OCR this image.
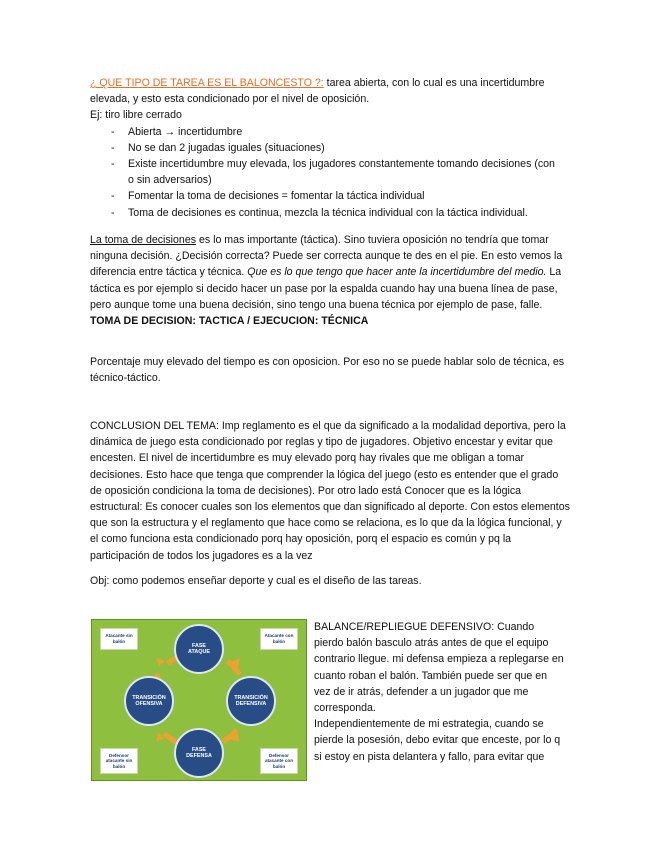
¿ QUE TIPO DE TAREA ES EL BALONCESTO ?: tarea abierta, con lo cual es una incertidumbre

elevada, y esto esta condicionado por el nivel de oposición.

Ej: tiro libre cerrado

- Abierta → incertidumbre
- No se dan 2 jugadas iguales (situaciones)
- Existe incertidumbre muy elevada, los jugadores constantemente tomando decisiones (con o sin adversarios)
- Fomentar la toma de decisiones = fomentar la táctica individual
- Toma de decisiones es continua, mezcla la técnica individual con la táctica individual.

La toma de decisiones es lo mas importante (táctica). Sino tuviera oposición no tendría que tomar ninguna decisión. ¿Decisión correcta? Puede ser correcta aunque te des en el pie. En esto vemos la diferencia entre táctica y técnica. Que es lo que tengo que hacer ante la incertidumbre del medio. La táctica es por ejemplo si decido hacer un pase por la espalda cuando hay una buena línea de pase, pero aunque tome una buena decisión, sino tengo una buena técnica por ejemplo de pase, falle.

TOMA DE DECISION: TACTICA / EJECUCION: TÉCNICA

Porcentaje muy elevado del tiempo es con oposicion. Por eso no se puede hablar solo de técnica, es técnico-táctico.
CONCLUSION DEL TEMA: Imp reglamento es el que da significado a la modalidad deportiva, pero la dinámica de juego esta condicionado por reglas y tipo de jugadores. Objetivo encestar y evitar que encesten. El nivel de incertidumbre es muy elevado porq hay rivales que me obligan a tomar decisiones. Esto hace que tenga que comprender la lógica del juego (esto es entender que el grado de oposición condiciona la toma de decisiones). Por otro lado está Conocer que es la lógica estructural: Es conocer cuales son los elementos que dan significado al deporte. Con estos elementos que son la estructura y el reglamento que hace como se relaciona, es lo que da la lógica funcional, y el como funciona esta condicionado porq hay oposición, porq el espacio es común y pq la participación de todos los jugadores es a la vez
Obj: como podemos enseñar deporte y cual es el diseño de las tareas.
FASE
ATAQUE
TRANSICIÓN
OFENSIVA
TRANSICIÓN
DEFENSIVA
FASE
DEFENSA
Atacante sin
balón
Atacante con
balón
Defensor
atacante sin
balón
Defensor
atacante con
balón

BALANCE/REPLIEGUE DEFENSIVO: Cuando pierdo balón basculo atrás antes de que el equipo contrario llegue. mi defensa empieza a replegarse en cuanto roban el balón. También puede ser que en vez de ir atrás, defender a un jugador que me corresponda.

Independientemente de mi estrategia, cuando se pierde la posesión, debo evitar que enceste, por lo q si estoy en pista delantera y fallo, para evitar que
